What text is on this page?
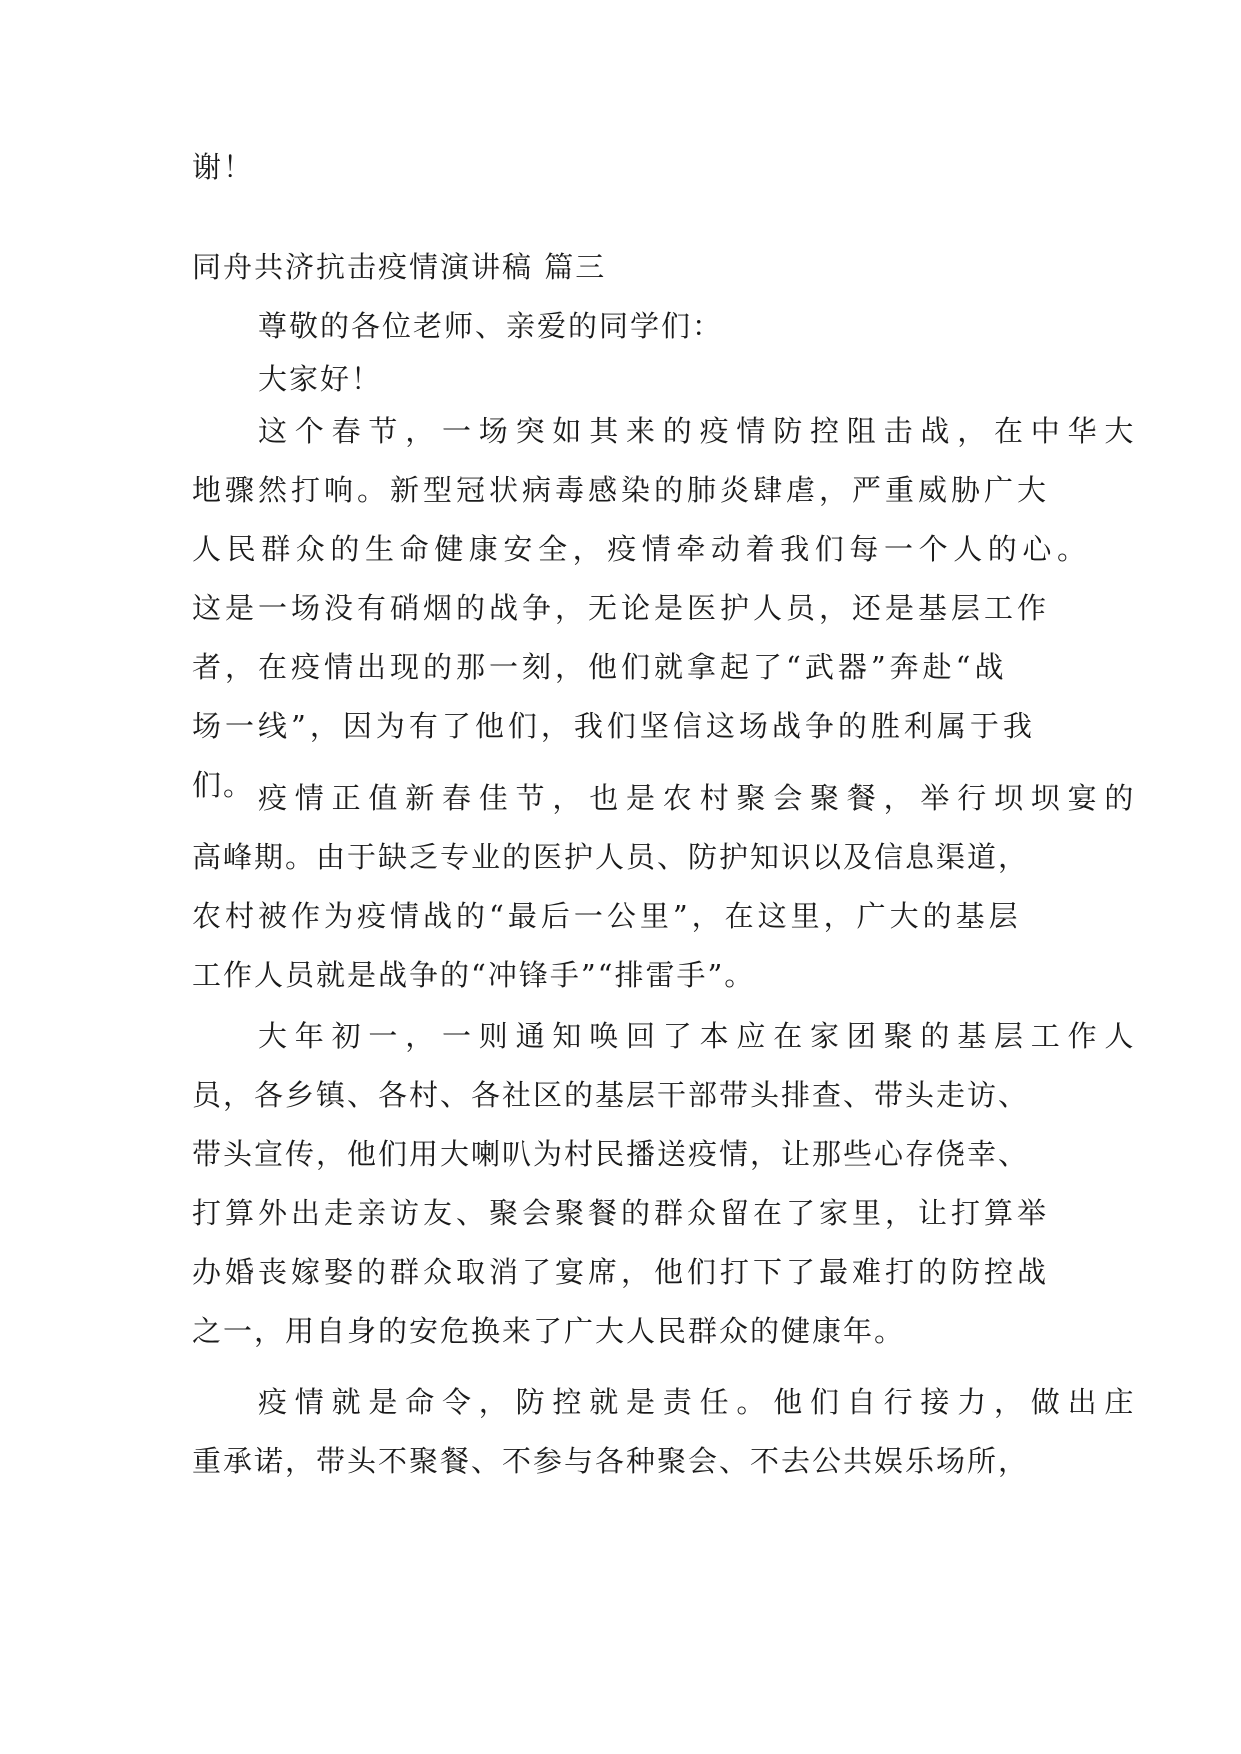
谢！
同舟共济抗击疫情演讲稿 篇三
尊敬的各位老师、亲爱的同学们：
大家好！
这个春节，一场突如其来的疫情防控阻击战，在中华大
地骤然打响。新型冠状病毒感染的肺炎肆虐，严重威胁广大
人民群众的生命健康安全，疫情牵动着我们每一个人的心。
这是一场没有硝烟的战争，无论是医护人员，还是基层工作
者，在疫情出现的那一刻，他们就拿起了“武器”奔赴“战
场一线”，因为有了他们，我们坚信这场战争的胜利属于我
们。 疫情正值新春佳节，也是农村聚会聚餐，举行坝坝宴的
高峰期。由于缺乏专业的医护人员、防护知识以及信息渠道，
农村被作为疫情战的“最后一公里”，在这里，广大的基层
工作人员就是战争的“冲锋手”“排雷手”。
大年初一，一则通知唤回了本应在家团聚的基层工作人
员，各乡镇、各村、各社区的基层干部带头排查、带头走访、
带头宣传，他们用大喇叭为村民播送疫情，让那些心存侥幸、
打算外出走亲访友、聚会聚餐的群众留在了家里，让打算举
办婚丧嫁娶的群众取消了宴席，他们打下了最难打的防控战
之一，用自身的安危换来了广大人民群众的健康年。
疫情就是命令，防控就是责任。他们自行接力，做出庄
重承诺，带头不聚餐、不参与各种聚会、不去公共娱乐场所，
